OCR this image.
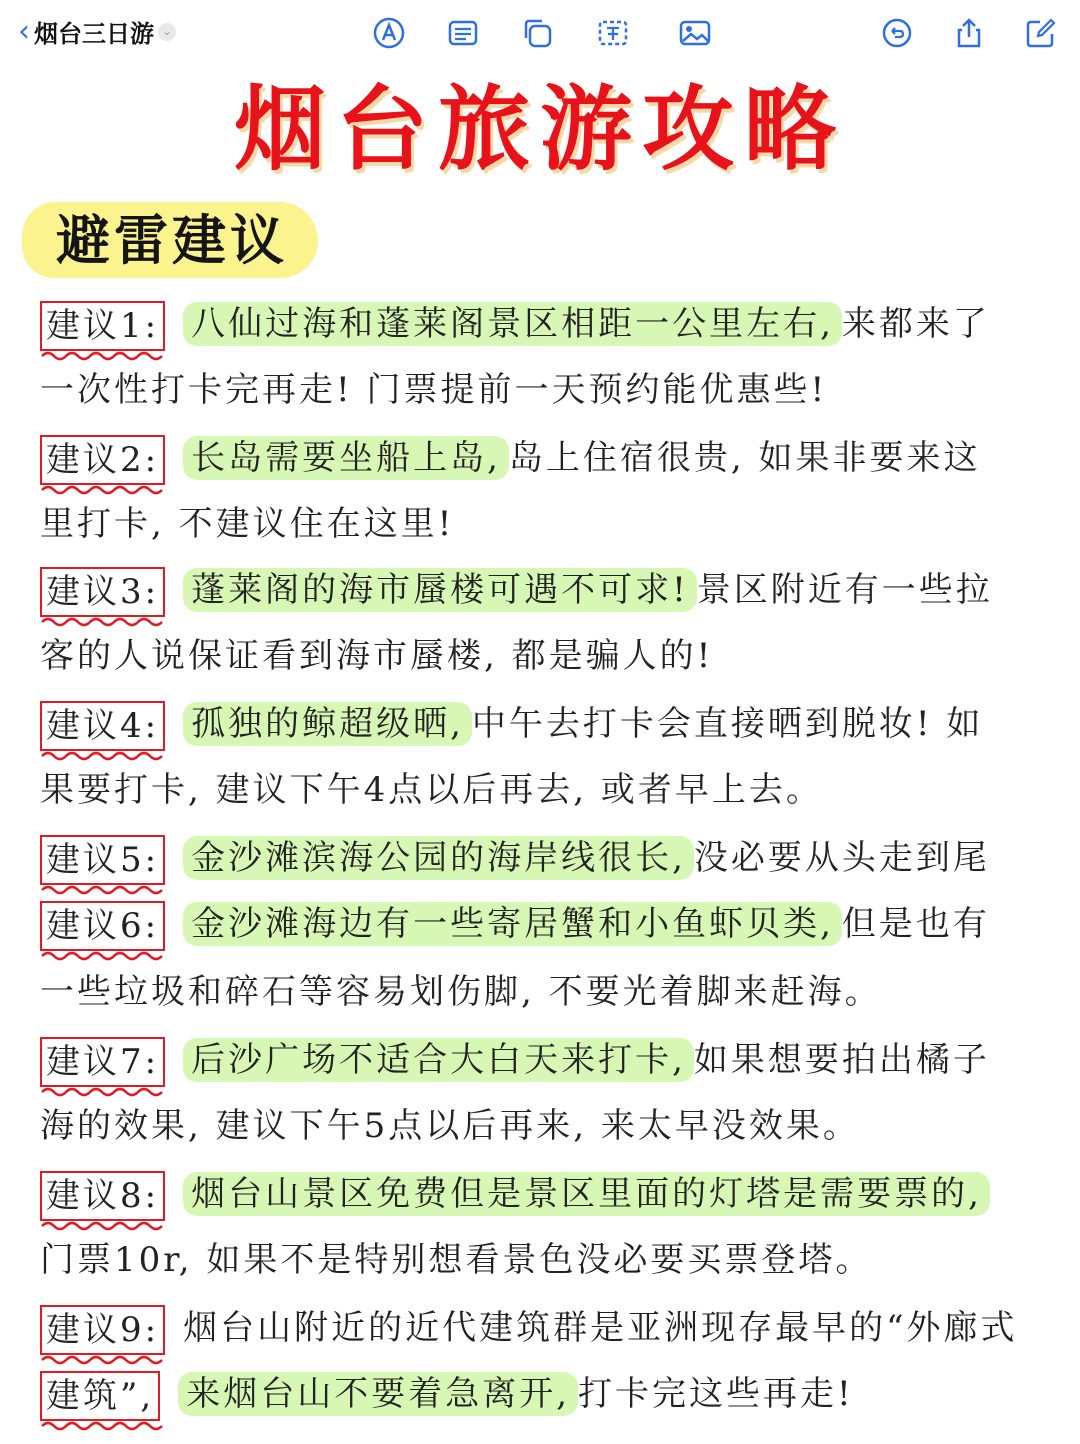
‹ 烟台三日游 ⌄
烟台旅游攻略
避雷建议
建议1: 八仙过海和蓬莱阁景区相距一公里左右, 来都来了
一次性打卡完再走! 门票提前一天预约能优惠些!
建议2: 长岛需要坐船上岛, 岛上住宿很贵, 如果非要来这
里打卡, 不建议住在这里!
建议3: 蓬莱阁的海市蜃楼可遇不可求! 景区附近有一些拉
客的人说保证看到海市蜃楼, 都是骗人的!
建议4: 孤独的鲸超级晒, 中午去打卡会直接晒到脱妆! 如
果要打卡, 建议下午4点以后再去, 或者早上去。
建议5: 金沙滩滨海公园的海岸线很长, 没必要从头走到尾
建议6: 金沙滩海边有一些寄居蟹和小鱼虾贝类, 但是也有
一些垃圾和碎石等容易划伤脚, 不要光着脚来赶海。
建议7: 后沙广场不适合大白天来打卡, 如果想要拍出橘子
海的效果, 建议下午5点以后再来, 来太早没效果。
建议8: 烟台山景区免费但是景区里面的灯塔是需要票的,
门票10r, 如果不是特别想看景色没必要买票登塔。
建议9: 烟台山附近的近代建筑群是亚洲现存最早的“外廊式
建筑”, 来烟台山不要着急离开, 打卡完这些再走!
